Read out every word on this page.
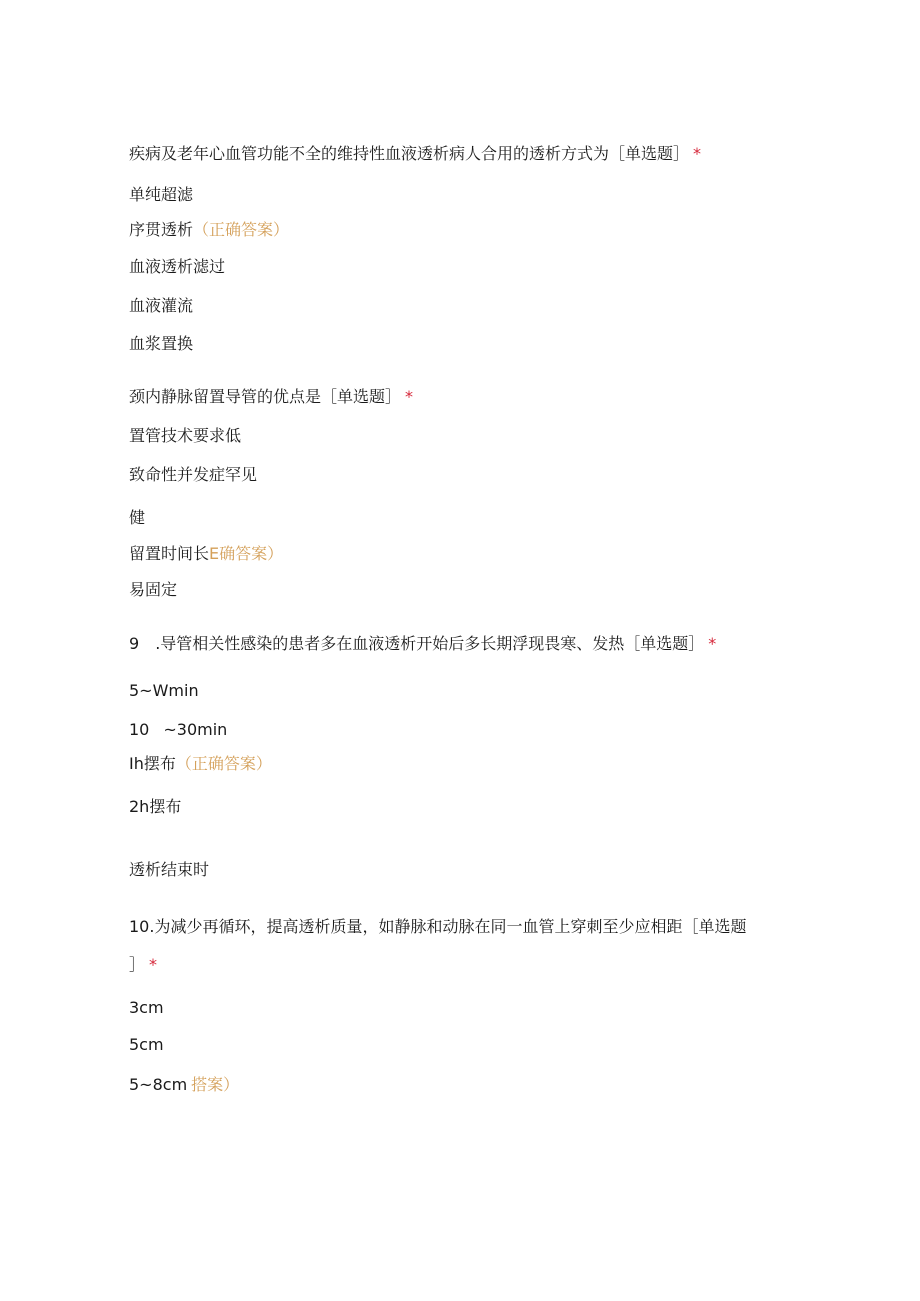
疾病及老年心血管功能不全的维持性血液透析病人合用的透析方式为［单选题］ *
单纯超滤
序贯透析（正确答案）
血液透析滤过
血液灌流
血浆置换
颈内静脉留置导管的优点是［单选题］ *
置管技术要求低
致命性并发症罕见
健
留置时间长E确答案）
易固定
9 .导管相关性感染的患者多在血液透析开始后多长期浮现畏寒、发热［单选题］ *
5~Wmin
10 ~30min
Ih摆布（正确答案）
2h摆布
透析结束时
10.为减少再循环，提高透析质量，如静脉和动脉在同一血管上穿刺至少应相距［单选题
］ *
3cm
5cm
5~8cm 搭案）
